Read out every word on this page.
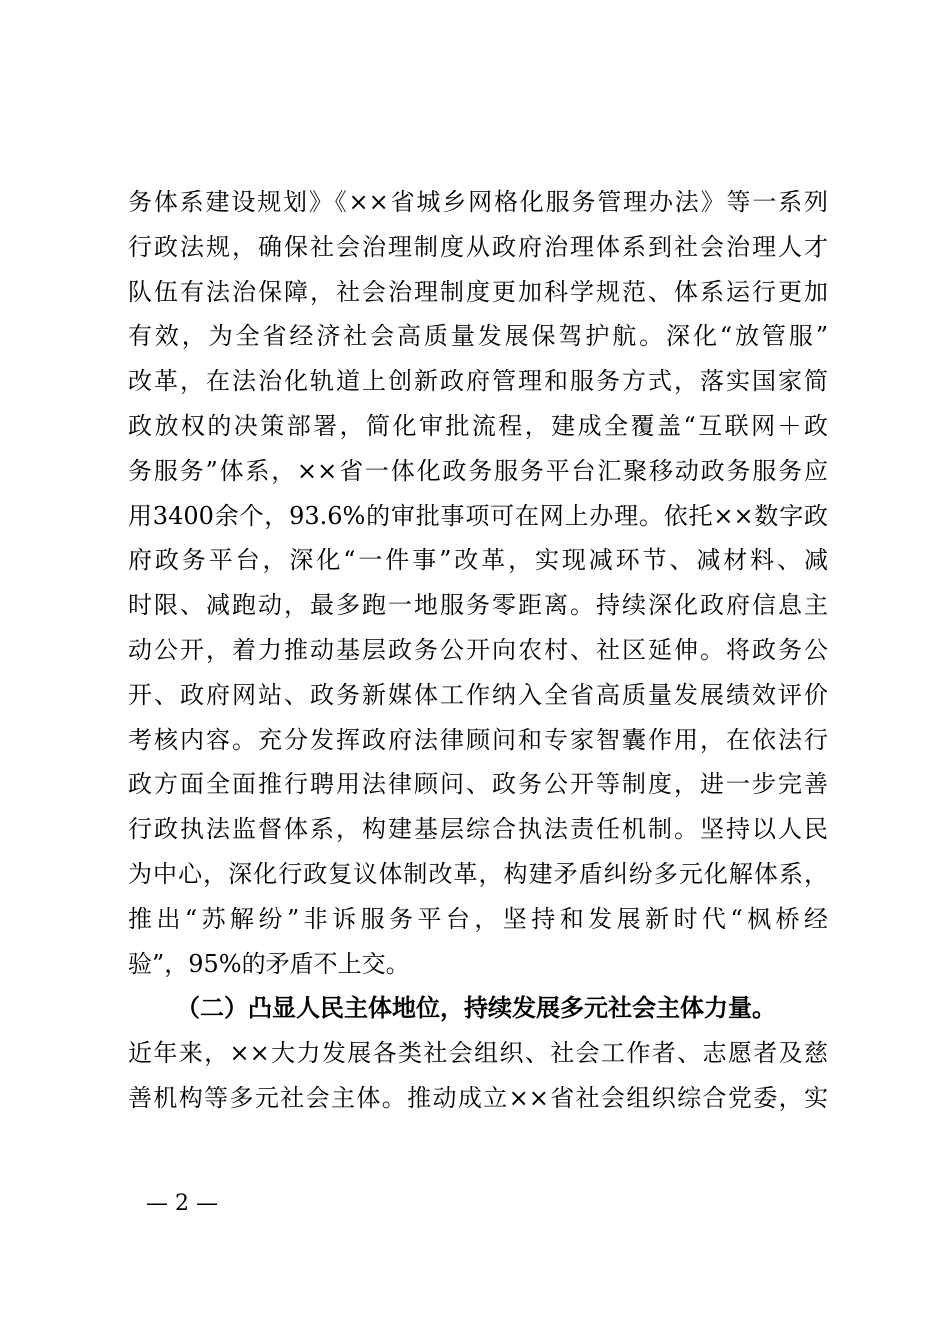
务体系建设规划》《××省城乡网格化服务管理办法》等一系列
行政法规，确保社会治理制度从政府治理体系到社会治理人才
队伍有法治保障，社会治理制度更加科学规范、体系运行更加
有效，为全省经济社会高质量发展保驾护航。深化“放管服”
改革，在法治化轨道上创新政府管理和服务方式，落实国家简
政放权的决策部署，简化审批流程，建成全覆盖“互联网＋政
务服务”体系，××省一体化政务服务平台汇聚移动政务服务应
用3400余个，93.6%的审批事项可在网上办理。依托××数字政
府政务平台，深化“一件事”改革，实现减环节、减材料、减
时限、减跑动，最多跑一地服务零距离。持续深化政府信息主
动公开，着力推动基层政务公开向农村、社区延伸。将政务公
开、政府网站、政务新媒体工作纳入全省高质量发展绩效评价
考核内容。充分发挥政府法律顾问和专家智囊作用，在依法行
政方面全面推行聘用法律顾问、政务公开等制度，进一步完善
行政执法监督体系，构建基层综合执法责任机制。坚持以人民
为中心，深化行政复议体制改革，构建矛盾纠纷多元化解体系，
推出“苏解纷”非诉服务平台，坚持和发展新时代“枫桥经
验”，95%的矛盾不上交。
（二）凸显人民主体地位，持续发展多元社会主体力量。
近年来，××大力发展各类社会组织、社会工作者、志愿者及慈
善机构等多元社会主体。推动成立××省社会组织综合党委，实
— 2 —
